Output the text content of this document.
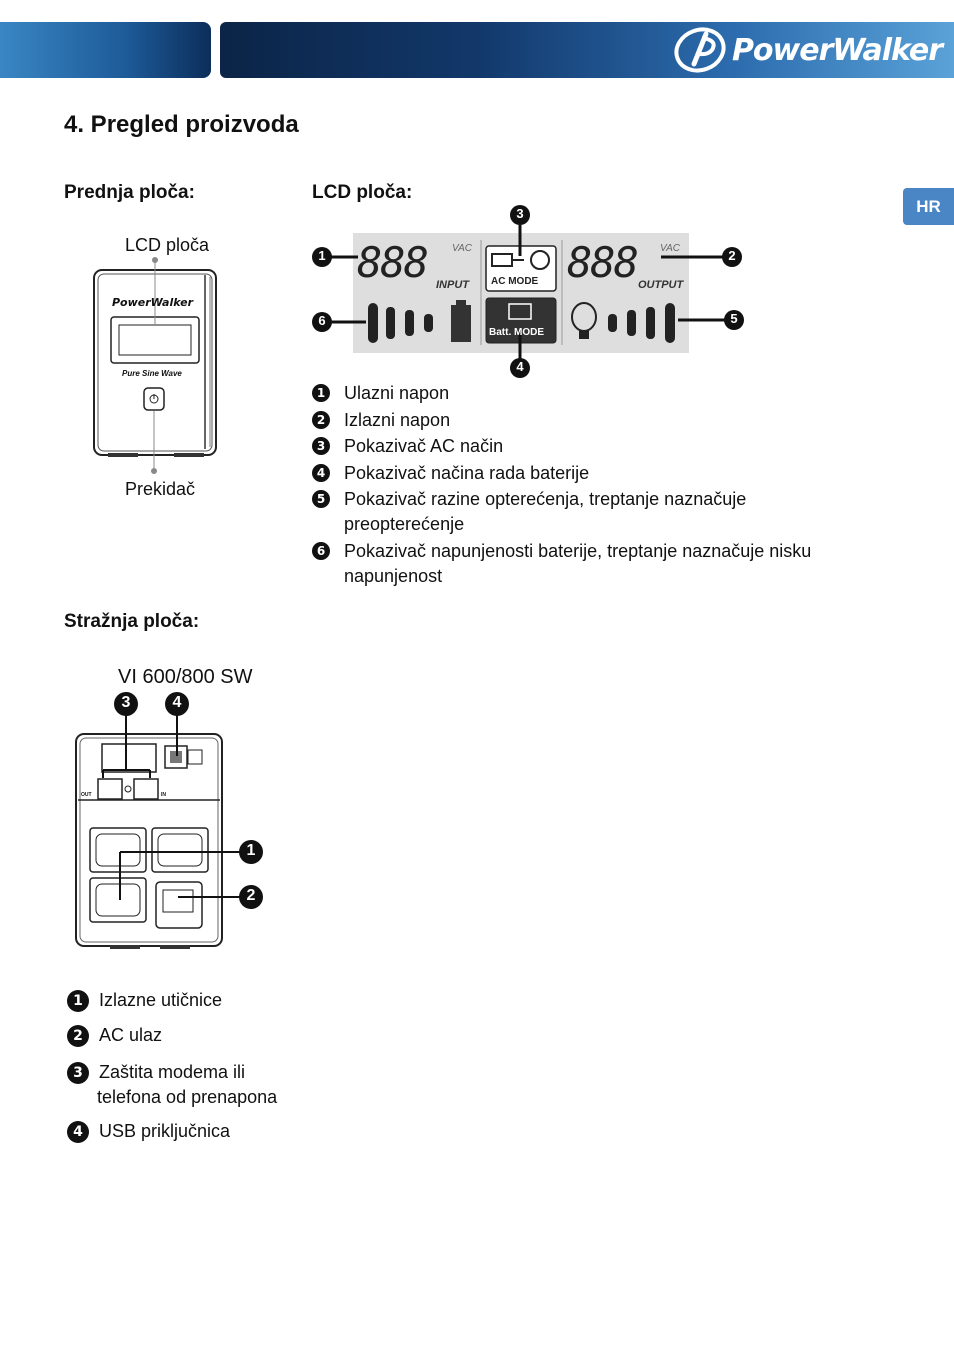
PowerWalker
4. Pregled proizvoda
HR
Prednja ploča:
LCD ploča
PowerWalker
Pure Sine Wave
Prekidač
LCD ploča:
888	888
VAC	VAC
INPUT	OUTPUT
AC MODE
Batt. MODE
1	2
3
4
5
6
1 Ulazni napon
2 Izlazni napon
3 Pokazivač AC način
4 Pokazivač načina rada baterije
5 Pokazivač razine opterećenja, treptanje naznačuje
preopterećenje
6 Pokazivač napunjenosti baterije, treptanje naznačuje nisku
napunjenost
Stražnja ploča:
VI 600/800 SW
OUT	IN
3	4
1
2
1 Izlazne utičnice
2 AC ulaz
3 Zaštita modema ili
telefona od prenapona
4 USB priključnica
